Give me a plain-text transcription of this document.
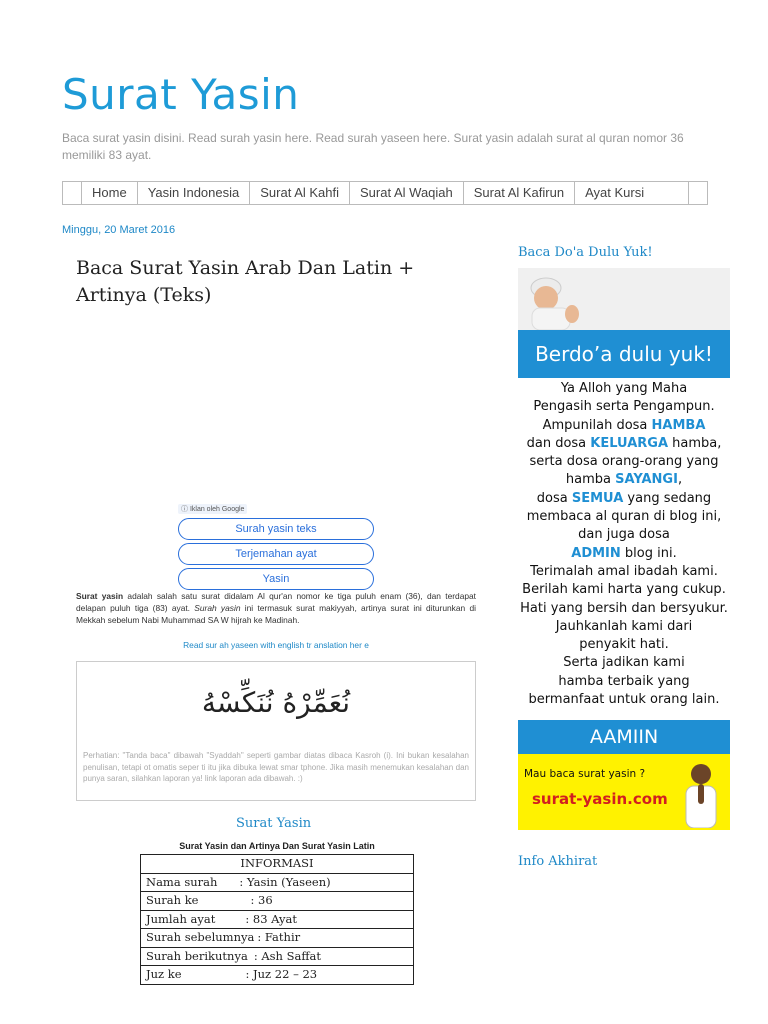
Surat Yasin
Baca surat yasin disini. Read surah yasin here. Read surah yaseen here. Surat yasin adalah surat al quran nomor 36 memiliki 83 ayat.
Home	Yasin Indonesia	Surat Al Kahfi	Surat Al Waqiah	Surat Al Kafirun	Ayat Kursi
Minggu, 20 Maret 2016
Baca Surat Yasin Arab Dan Latin + Artinya (Teks)
ⓘ Iklan oleh Google
Surah yasin teks
Terjemahan ayat
Yasin
Surat yasin adalah salah satu surat didalam Al qur'an nomor ke tiga puluh enam (36), dan terdapat delapan puluh tiga (83) ayat. Surah yasin ini termasuk surat makiyyah, artinya surat ini diturunkan di Mekkah sebelum Nabi Muhammad SA W hijrah ke Madinah.
Read sur ah yaseen with english tr anslation her e
نُعَمِّرْهُ نُنَكِّسْهُ
Perhatian: "Tanda baca" dibawah "Syaddah" seperti gambar diatas dibaca Kasroh (i). Ini bukan kesalahan penulisan, tetapi ot omatis seper ti itu jika dibuka lewat smar tphone. Jika masih menemukan kesalahan dan punya saran, silahkan laporan ya! link laporan ada dibawah. :)
Surat Yasin
Surat Yasin dan Artinya Dan Surat Yasin Latin
INFORMASI
Nama surah : Yasin (Yaseen)
Surah ke	: 36
Jumlah ayat	: 83 Ayat
Surah sebelumnya : Fathir
Surah berikutnya : Ash Saffat
Juz ke	: Juz 22 – 23
Baca Do'a Dulu Yuk!
Berdo’a dulu yuk!
Ya Alloh yang Maha
Pengasih serta Pengampun.
Ampunilah dosa HAMBA
dan dosa KELUARGA hamba,
serta dosa orang-orang yang
hamba SAYANGI,
dosa SEMUA yang sedang
membaca al quran di blog ini,
dan juga dosa
ADMIN blog ini.
Terimalah amal ibadah kami.
Berilah kami harta yang cukup.
Hati yang bersih dan bersyukur.
Jauhkanlah kami dari
penyakit hati.
Serta jadikan kami
hamba terbaik yang
bermanfaat untuk orang lain.
AAMIIN
Mau baca surat yasin ?
surat-yasin.com
Info Akhirat
